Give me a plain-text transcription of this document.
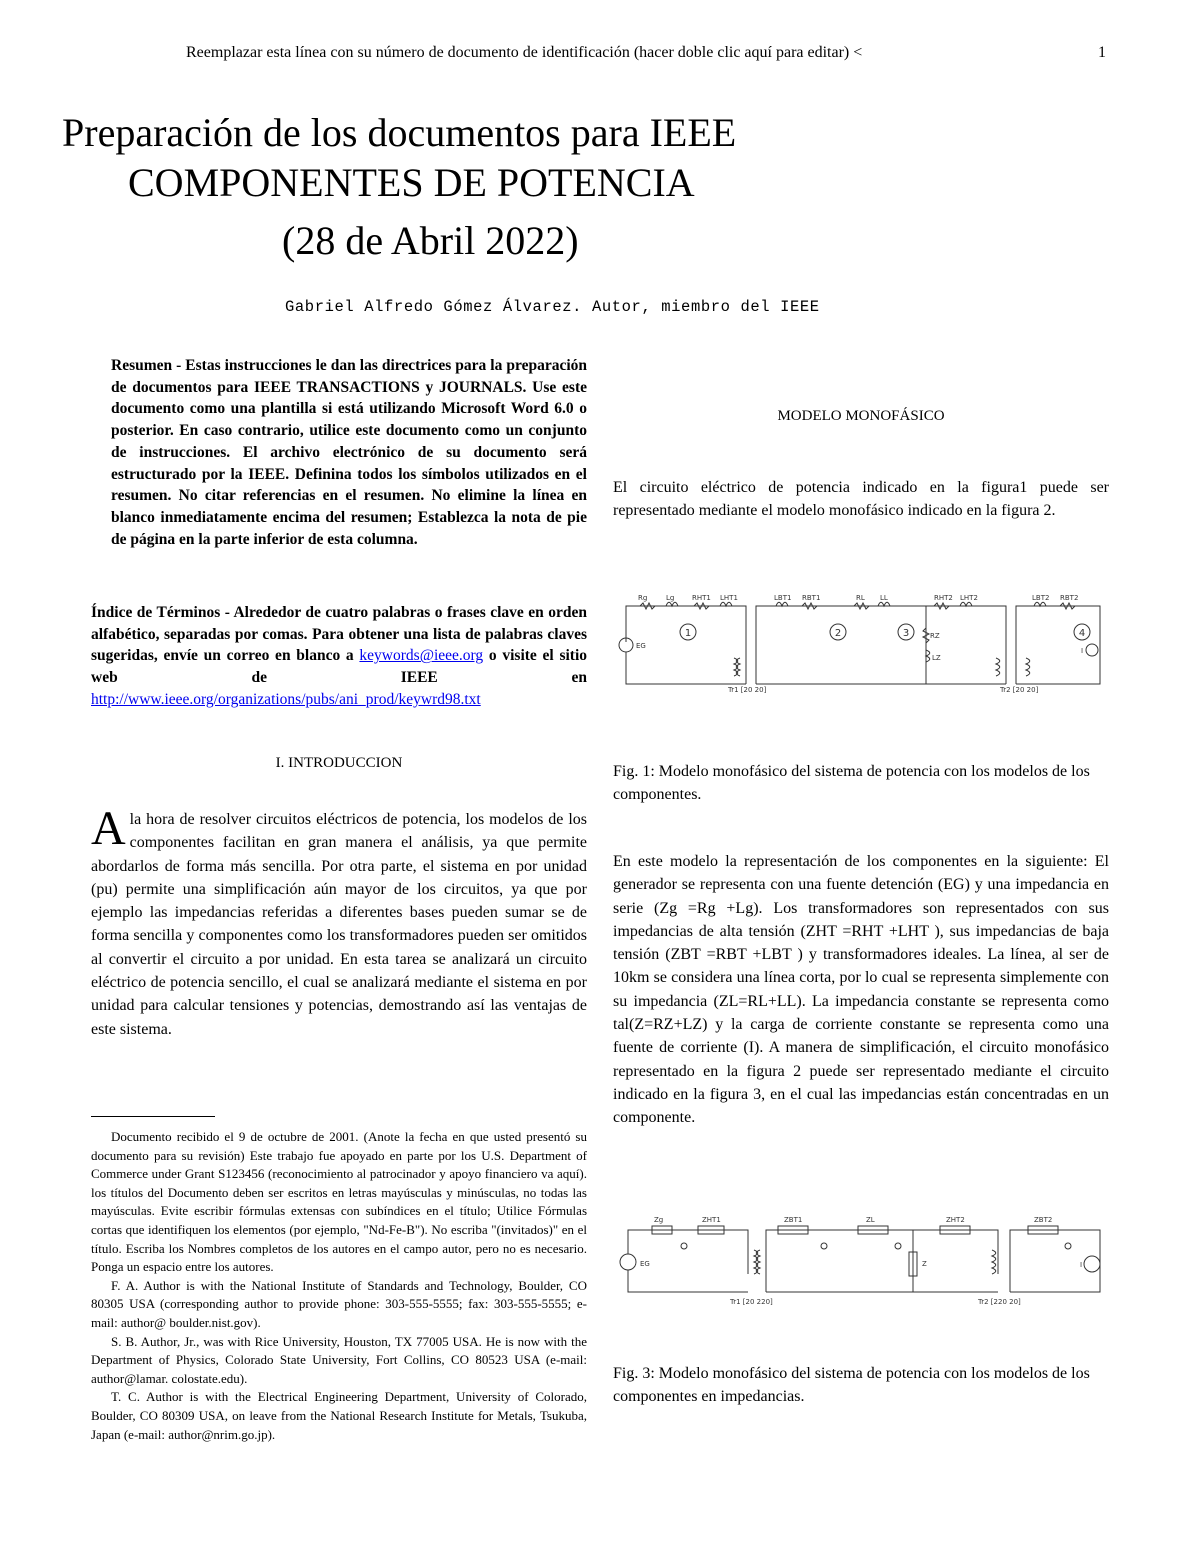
Reemplazar esta línea con su número de documento de identificación (hacer doble clic aquí para editar) <	1
Preparación de los documentos para IEEE
COMPONENTES DE POTENCIA
(28 de Abril 2022)
Gabriel Alfredo Gómez Álvarez. Autor, miembro del IEEE
Resumen - Estas instrucciones le dan las directrices para la preparación de documentos para IEEE TRANSACTIONS y JOURNALS. Use este documento como una plantilla si está utilizando Microsoft Word 6.0 o posterior. En caso contrario, utilice este documento como un conjunto de instrucciones. El archivo electrónico de su documento será estructurado por la IEEE. Definina todos los símbolos utilizados en el resumen. No citar referencias en el resumen. No elimine la línea en blanco inmediatamente encima del resumen; Establezca la nota de pie de página en la parte inferior de esta columna.
Índice de Términos - Alrededor de cuatro palabras o frases clave en orden alfabético, separadas por comas. Para obtener una lista de palabras claves sugeridas, envíe un correo en blanco a keywords@ieee.org o visite el sitio web de IEEE en http://www.ieee.org/organizations/pubs/ani_prod/keywrd98.txt
I. INTRODUCCION
A la hora de resolver circuitos eléctricos de potencia, los modelos de los componentes facilitan en gran manera el análisis, ya que permite abordarlos de forma más sencilla. Por otra parte, el sistema en por unidad (pu) permite una simplificación aún mayor de los circuitos, ya que por ejemplo las impedancias referidas a diferentes bases pueden sumar se de forma sencilla y componentes como los transformadores pueden ser omitidos al convertir el circuito a por unidad. En esta tarea se analizará un circuito eléctrico de potencia sencillo, el cual se analizará mediante el sistema en por unidad para calcular tensiones y potencias, demostrando así las ventajas de este sistema.

Documento recibido el 9 de octubre de 2001. (Anote la fecha en que usted presentó su documento para su revisión) Este trabajo fue apoyado en parte por los U.S. Department of Commerce under Grant S123456 (reconocimiento al patrocinador y apoyo financiero va aquí). los títulos del Documento deben ser escritos en letras mayúsculas y minúsculas, no todas las mayúsculas. Evite escribir fórmulas extensas con subíndices en el título; Utilice Fórmulas cortas que identifiquen los elementos (por ejemplo, "Nd-Fe-B"). No escriba "(invitados)" en el título. Escriba los Nombres completos de los autores en el campo autor, pero no es necesario. Ponga un espacio entre los autores.

F. A. Author is with the National Institute of Standards and Technology, Boulder, CO 80305 USA (corresponding author to provide phone: 303-555-5555; fax: 303-555-5555; e-mail: author@ boulder.nist.gov).

S. B. Author, Jr., was with Rice University, Houston, TX 77005 USA. He is now with the Department of Physics, Colorado State University, Fort Collins, CO 80523 USA (e-mail: author@lamar. colostate.edu).

T. C. Author is with the Electrical Engineering Department, University of Colorado, Boulder, CO 80309 USA, on leave from the National Research Institute for Metals, Tsukuba, Japan (e-mail: author@nrim.go.jp).

MODELO MONOFÁSICO
El circuito eléctrico de potencia indicado en la figura1 puede ser representado mediante el modelo monofásico indicado en la figura 2.
Rg	Lg	RHT1 LHT1	LBT1 RBT1	RL LL	RHT2 LHT2	LBT2 RBT2
EG
RZ
LZ
Tr1 [20 20]	Tr2 [20 20]
I
1	2	3	4
Fig. 1: Modelo monofásico del sistema de potencia con los modelos de los componentes.
En este modelo la representación de los componentes en la siguiente: El generador se representa con una fuente detención (EG) y una impedancia en serie (Zg =Rg +Lg). Los transformadores son representados con sus impedancias de alta tensión (ZHT =RHT +LHT ), sus impedancias de baja tensión (ZBT =RBT +LBT ) y transformadores ideales. La línea, al ser de 10km se considera una línea corta, por lo cual se representa simplemente con su impedancia (ZL=RL+LL). La impedancia constante se representa como tal(Z=RZ+LZ) y la carga de corriente constante se representa como una fuente de corriente (I). A manera de simplificación, el circuito monofásico representado en la figura 2 puede ser representado mediante el circuito indicado en la figura 3, en el cual las impedancias están concentradas en un componente.
Zg	ZHT1	ZBT1	ZL	ZHT2	ZBT2
EG	Z
Tr1 [20 220]	Tr2 [220 20]
I
Fig. 3: Modelo monofásico del sistema de potencia con los modelos de los componentes en impedancias.
